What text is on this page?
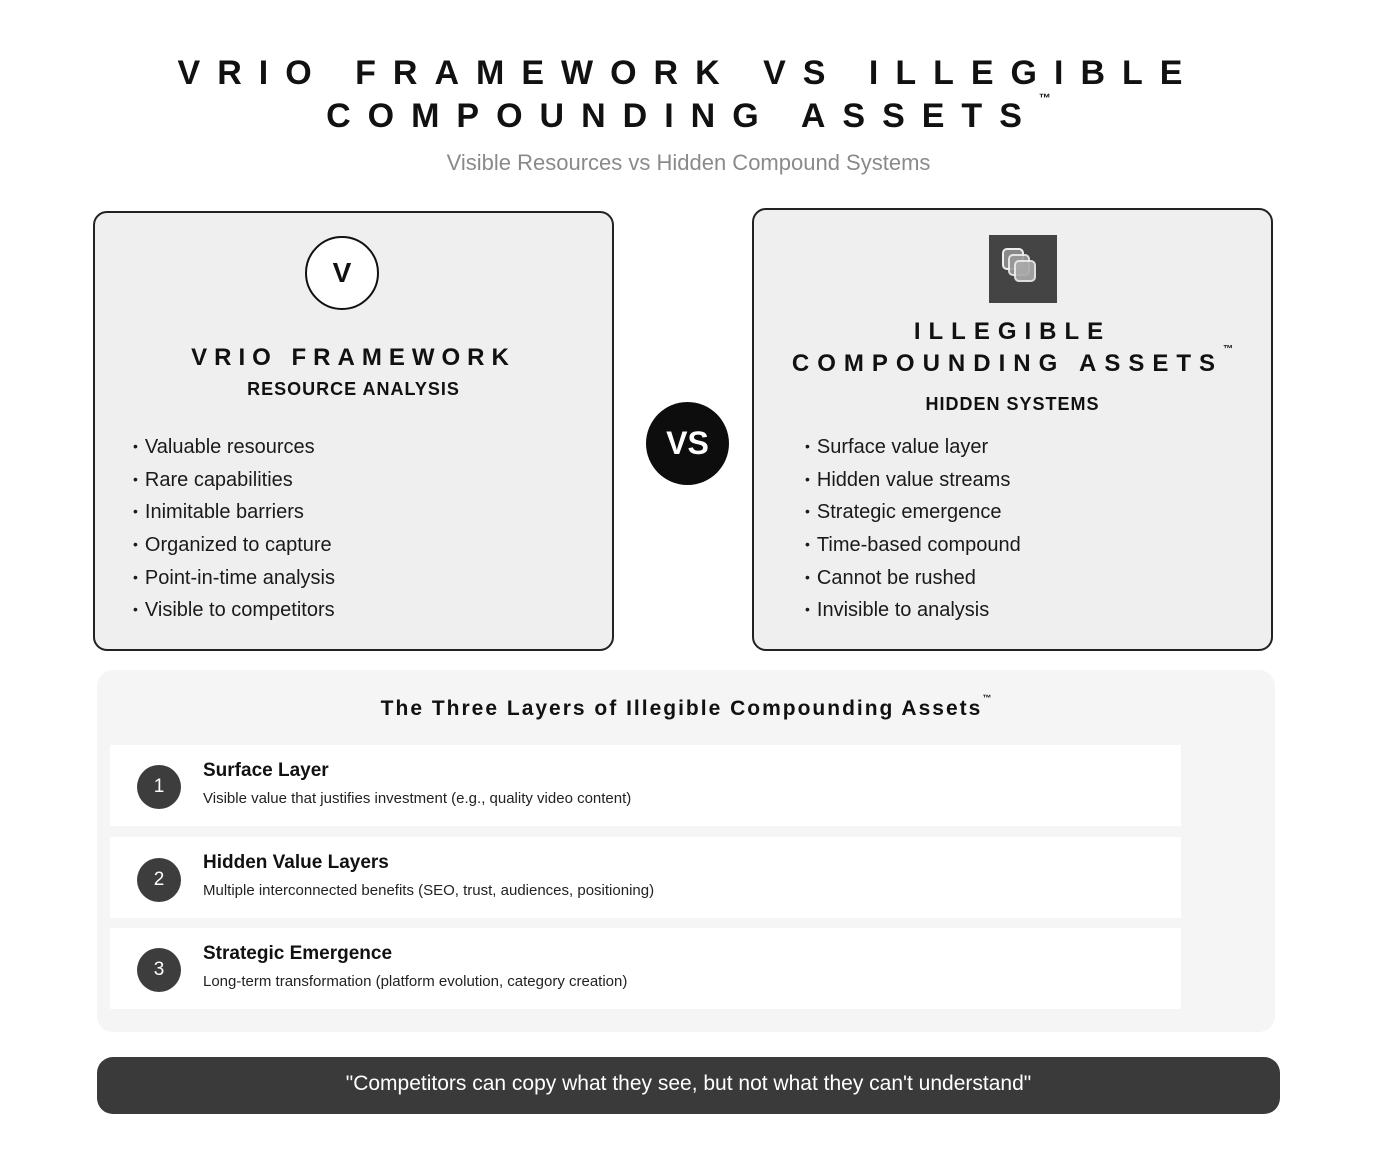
VRIO FRAMEWORK VS ILLEGIBLE
COMPOUNDING ASSETS™
Visible Resources vs Hidden Compound Systems
V
VRIO FRAMEWORK
RESOURCE ANALYSIS
• Valuable resources
• Rare capabilities
• Inimitable barriers
• Organized to capture
• Point-in-time analysis
• Visible to competitors
VS
ILLEGIBLE
COMPOUNDING ASSETS™
HIDDEN SYSTEMS
• Surface value layer
• Hidden value streams
• Strategic emergence
• Time-based compound
• Cannot be rushed
• Invisible to analysis
The Three Layers of Illegible Compounding Assets™
1
Surface Layer
Visible value that justifies investment (e.g., quality video content)
2
Hidden Value Layers
Multiple interconnected benefits (SEO, trust, audiences, positioning)
3
Strategic Emergence
Long-term transformation (platform evolution, category creation)
"Competitors can copy what they see, but not what they can't understand"
